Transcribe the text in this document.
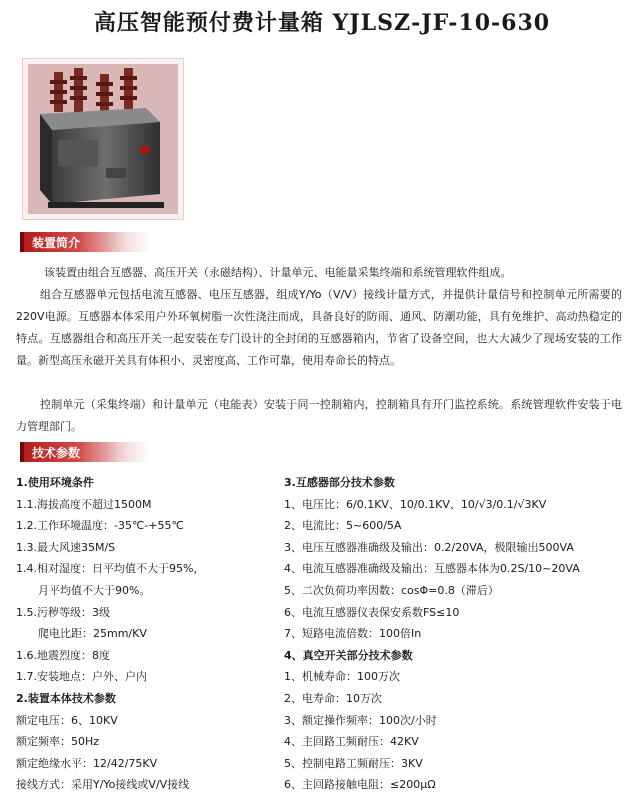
高压智能预付费计量箱 YJLSZ-JF-10-630
装置简介
该装置由组合互感器、高压开关（永磁结构）、计量单元、电能量采集终端和系统管理软件组成。
组合互感器单元包括电流互感器、电压互感器，组成Y/Yo（V/V）接线计量方式，并提供计量信号和控制单元所需要的220V电源。互感器本体采用户外环氧树脂一次性浇注而成，具备良好的防雨、通风、防潮功能，具有免维护、高动热稳定的特点。互感器组合和高压开关一起安装在专门设计的全封闭的互感器箱内，节省了设备空间，也大大减少了现场安装的工作量。新型高压永磁开关具有体积小、灵密度高、工作可靠，使用寿命长的特点。
控制单元（采集终端）和计量单元（电能表）安装于同一控制箱内，控制箱具有开门监控系统。系统管理软件安装于电力管理部门。
技术参数
1.使用环境条件
1.1.海拔高度不超过1500M
1.2.工作环境温度：-35℃-+55℃
1.3.最大风速35M/S
1.4.相对湿度：日平均值不大于95%，
月平均值不大于90%。
1.5.污秽等级：3级
爬电比距：25mm/KV
1.6.地震烈度：8度
1.7.安装地点：户外、户内
2.装置本体技术参数
额定电压：6、10KV
额定频率：50Hz
额定绝缘水平：12/42/75KV
接线方式：采用Y/Yo接线或V/V接线
3.互感器部分技术参数
1、电压比：6/0.1KV、10/0.1KV、10/√3/0.1/√3KV
2、电流比：5~600/5A
3、电压互感器准确级及输出：0.2/20VA，极限输出500VA
4、电流互感器准确级及输出：互感器本体为0.2S/10~20VA
5、二次负荷功率因数：cosΦ=0.8（滞后）
6、电流互感器仪表保安系数FS≤10
7、短路电流倍数：100倍In
4、真空开关部分技术参数
1、机械寿命：100万次
2、电寿命：10万次
3、额定操作频率：100次/小时
4、主回路工频耐压：42KV
5、控制电路工频耐压：3KV
6、主回路接触电阻：≤200μΩ
